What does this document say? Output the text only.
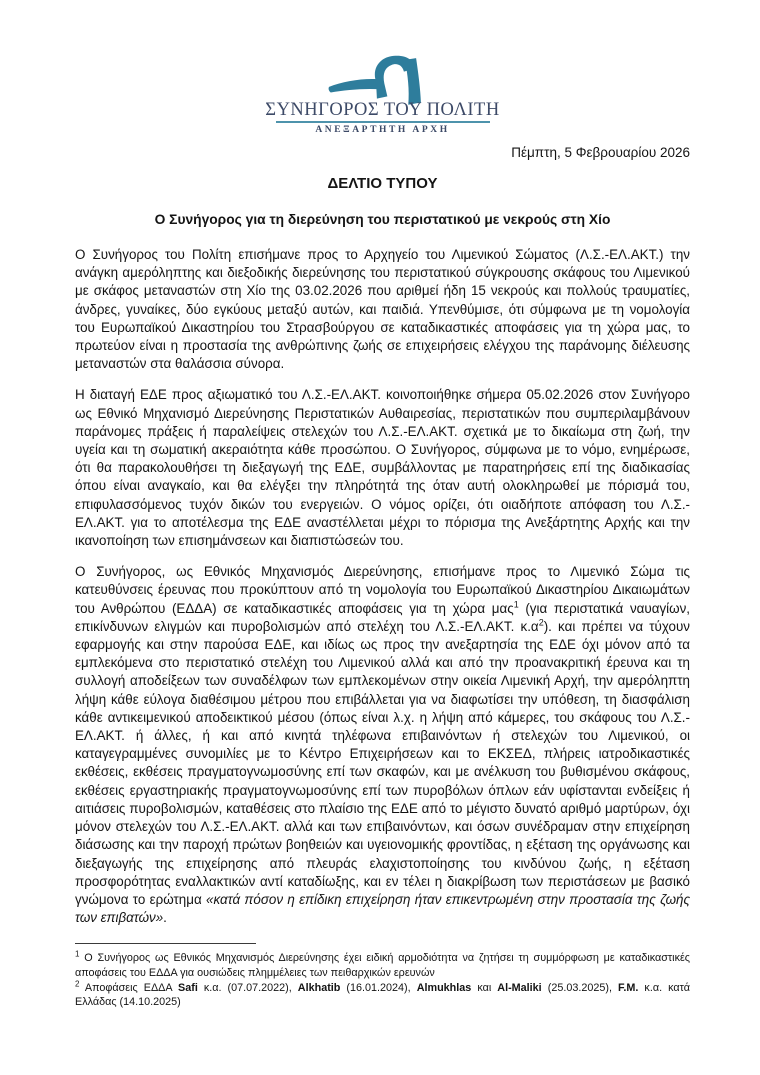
ΣΥΝΗΓΟΡΟΣ ΤΟΥ ΠΟΛΙΤΗ
ΑΝΕΞΑΡΤΗΤΗ ΑΡΧΗ
Πέμπτη, 5 Φεβρουαρίου 2026
ΔΕΛΤΙΟ ΤΥΠΟΥ
Ο Συνήγορος για τη διερεύνηση του περιστατικού με νεκρούς στη Χίο

Ο Συνήγορος του Πολίτη επισήμανε προς το Αρχηγείο του Λιμενικού Σώματος (Λ.Σ.-ΕΛ.ΑΚΤ.) την ανάγκη αμερόληπτης και διεξοδικής διερεύνησης του περιστατικού σύγκρουσης σκάφους του Λιμενικού με σκάφος μεταναστών στη Χίο της 03.02.2026 που αριθμεί ήδη 15 νεκρούς και πολλούς τραυματίες, άνδρες, γυναίκες, δύο εγκύους μεταξύ αυτών, και παιδιά. Υπενθύμισε, ότι σύμφωνα με τη νομολογία του Ευρωπαϊκού Δικαστηρίου του Στρασβούργου σε καταδικαστικές αποφάσεις για τη χώρα μας, το πρωτεύον είναι η προστασία της ανθρώπινης ζωής σε επιχειρήσεις ελέγχου της παράνομης διέλευσης μεταναστών στα θαλάσσια σύνορα.

Η διαταγή ΕΔΕ προς αξιωματικό του Λ.Σ.-ΕΛ.ΑΚΤ. κοινοποιήθηκε σήμερα 05.02.2026 στον Συνήγορο ως Εθνικό Μηχανισμό Διερεύνησης Περιστατικών Αυθαιρεσίας, περιστατικών που συμπεριλαμβάνουν παράνομες πράξεις ή παραλείψεις στελεχών του Λ.Σ.-ΕΛ.ΑΚΤ. σχετικά με το δικαίωμα στη ζωή, την υγεία και τη σωματική ακεραιότητα κάθε προσώπου. Ο Συνήγορος, σύμφωνα με το νόμο, ενημέρωσε, ότι θα παρακολουθήσει τη διεξαγωγή της ΕΔΕ, συμβάλλοντας με παρατηρήσεις επί της διαδικασίας όπου είναι αναγκαίο, και θα ελέγξει την πληρότητά της όταν αυτή ολοκληρωθεί με πόρισμά του, επιφυλασσόμενος τυχόν δικών του ενεργειών. Ο νόμος ορίζει, ότι οιαδήποτε απόφαση του Λ.Σ.-ΕΛ.ΑΚΤ. για το αποτέλεσμα της ΕΔΕ αναστέλλεται μέχρι το πόρισμα της Ανεξάρτητης Αρχής και την ικανοποίηση των επισημάνσεων και διαπιστώσεών του.

Ο Συνήγορος, ως Εθνικός Μηχανισμός Διερεύνησης, επισήμανε προς το Λιμενικό Σώμα τις κατευθύνσεις έρευνας που προκύπτουν από τη νομολογία του Ευρωπαϊκού Δικαστηρίου Δικαιωμάτων του Ανθρώπου (ΕΔΔΑ) σε καταδικαστικές αποφάσεις για τη χώρα μας$^1$ (για περιστατικά ναυαγίων, επικίνδυνων ελιγμών και πυροβολισμών από στελέχη του Λ.Σ.-ΕΛ.ΑΚΤ. $\kappa.\alpha^2$). και πρέπει να τύχουν εφαρμογής και στην παρούσα ΕΔΕ, και ιδίως ως προς την ανεξαρτησία της ΕΔΕ όχι μόνον από τα εμπλεκόμενα στο περιστατικό στελέχη του Λιμενικού αλλά και από την προανακριτική έρευνα και τη συλλογή αποδείξεων των συναδέλφων των εμπλεκομένων στην οικεία Λιμενική Αρχή, την αμερόληπτη λήψη κάθε εύλογα διαθέσιμου μέτρου που επιβάλλεται για να διαφωτίσει την υπόθεση, τη διασφάλιση κάθε αντικειμενικού αποδεικτικού μέσου (όπως είναι λ.χ. η λήψη από κάμερες, του σκάφους του Λ.Σ.-ΕΛ.ΑΚΤ. ή άλλες, ή και από κινητά τηλέφωνα επιβαινόντων ή στελεχών του Λιμενικού, οι καταγεγραμμένες συνομιλίες με το Κέντρο Επιχειρήσεων και το ΕΚΣΕΔ, πλήρεις ιατροδικαστικές εκθέσεις, εκθέσεις πραγματογνωμοσύνης επί των σκαφών, και με ανέλκυση του βυθισμένου σκάφους, εκθέσεις εργαστηριακής πραγματογνωμοσύνης επί των πυροβόλων όπλων εάν υφίστανται ενδείξεις ή αιτιάσεις πυροβολισμών, καταθέσεις στο πλαίσιο της ΕΔΕ από το μέγιστο δυνατό αριθμό μαρτύρων, όχι μόνον στελεχών του Λ.Σ.-ΕΛ.ΑΚΤ. αλλά και των επιβαινόντων, και όσων συνέδραμαν στην επιχείρηση διάσωσης και την παροχή πρώτων βοηθειών και υγειονομικής φροντίδας, η εξέταση της οργάνωσης και διεξαγωγής της επιχείρησης από πλευράς ελαχιστοποίησης του κινδύνου ζωής, η εξέταση προσφορότητας εναλλακτικών αντί καταδίωξης, και εν τέλει η διακρίβωση των περιστάσεων με βασικό γνώμονα το ερώτημα «κατά πόσον η επίδικη επιχείρηση ήταν επικεντρωμένη στην προστασία της ζωής των επιβατών».

$^1$ Ο Συνήγορος ως Εθνικός Μηχανισμός Διερεύνησης έχει ειδική αρμοδιότητα να ζητήσει τη συμμόρφωση με καταδικαστικές αποφάσεις του ΕΔΔΑ για ουσιώδεις πλημμέλειες των πειθαρχικών ερευνών
$^2$ Αποφάσεις ΕΔΔΑ Safi κ.α. (07.07.2022), Alkhatib (16.01.2024), Almukhlas και Al-Maliki (25.03.2025), F.M. κ.α. κατά Ελλάδας (14.10.2025)
